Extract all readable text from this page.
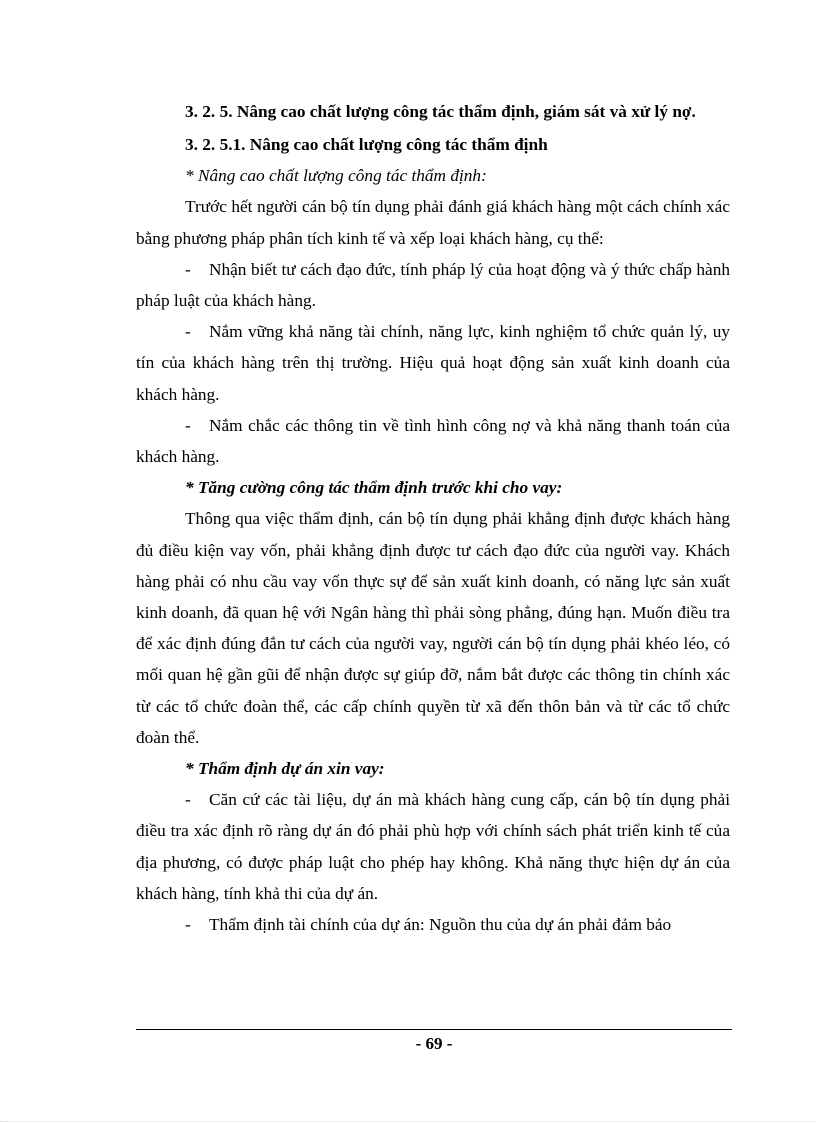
3. 2. 5. Nâng cao chất lượng công tác thẩm định, giám sát và xử lý nợ.

3. 2. 5.1. Nâng cao chất lượng công tác thẩm định

* Nâng cao chất lượng công tác thẩm định:

Trước hết người cán bộ tín dụng phải đánh giá khách hàng một cách chính xác bằng phương pháp phân tích kinh tế và xếp loại khách hàng, cụ thể:

- Nhận biết tư cách đạo đức, tính pháp lý của hoạt động và ý thức chấp hành pháp luật của khách hàng.

- Nắm vững khả năng tài chính, năng lực, kinh nghiệm tổ chức quản lý, uy tín của khách hàng trên thị trường. Hiệu quả hoạt động sản xuất kinh doanh của khách hàng.

- Nắm chắc các thông tin về tình hình công nợ và khả năng thanh toán của khách hàng.

* Tăng cường công tác thẩm định trước khi cho vay:

Thông qua việc thẩm định, cán bộ tín dụng phải khẳng định được khách hàng đủ điều kiện vay vốn, phải khẳng định được tư cách đạo đức của người vay. Khách hàng phải có nhu cầu vay vốn thực sự để sản xuất kinh doanh, có năng lực sản xuất kinh doanh, đã quan hệ với Ngân hàng thì phải sòng phẳng, đúng hạn. Muốn điều tra để xác định đúng đắn tư cách của người vay, người cán bộ tín dụng phải khéo léo, có mối quan hệ gần gũi để nhận được sự giúp đỡ, nắm bắt được các thông tin chính xác từ các tổ chức đoàn thể, các cấp chính quyền từ xã đến thôn bản và từ các tổ chức đoàn thể.

* Thẩm định dự án xin vay:

- Căn cứ các tài liệu, dự án mà khách hàng cung cấp, cán bộ tín dụng phải điều tra xác định rõ ràng dự án đó phải phù hợp với chính sách phát triển kinh tế của địa phương, có được pháp luật cho phép hay không. Khả năng thực hiện dự án của khách hàng, tính khả thi của dự án.

- Thẩm định tài chính của dự án: Nguồn thu của dự án phải đảm bảo

- 69 -
